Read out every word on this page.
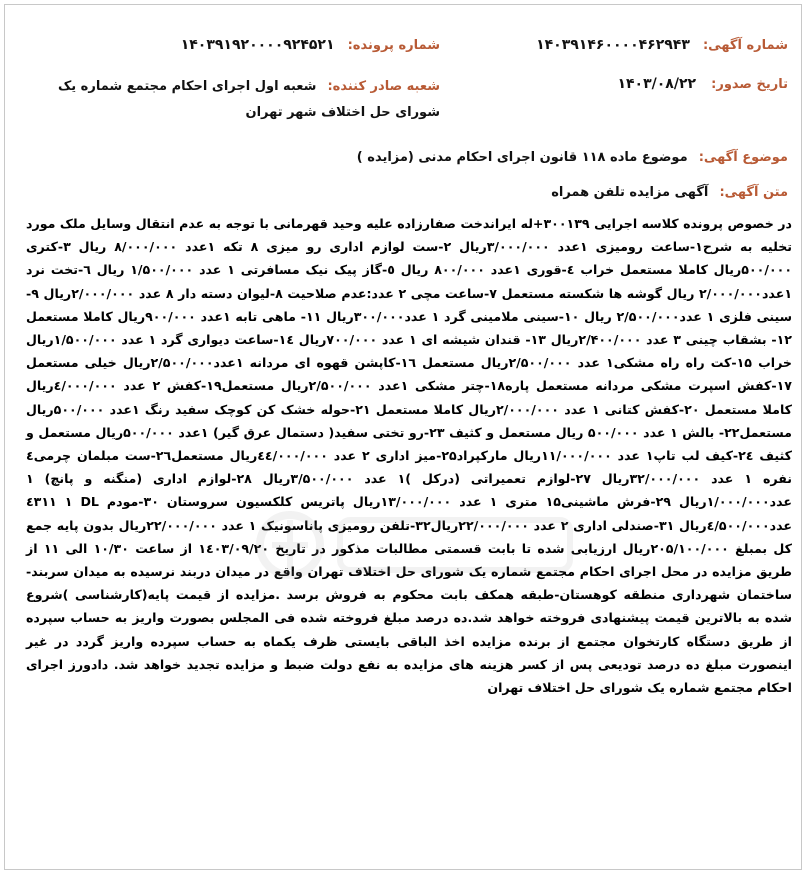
شماره آگهی: ۱۴۰۳۹۱۴۶۰۰۰۰۴۶۲۹۴۳
شماره پرونده: ۱۴۰۳۹۱۹۲۰۰۰۰۹۲۴۵۲۱
تاریخ صدور: ۱۴۰۳/۰۸/۲۲
شعبه صادر کننده: شعبه اول اجرای احکام مجتمع شماره یک شورای حل اختلاف شهر تهران
موضوع آگهی: موضوع ماده ۱۱۸ قانون اجرای احکام مدنی (مزایده )
متن آگهی: آگهی مزایده تلفن همراه
در خصوص پرونده کلاسه اجرایی ۳۰۰۱۳۹+له ایراندخت صفارزاده علیه وحید قهرمانی با توجه به عدم انتقال وسایل ملک مورد تخلیه به شرح۱-ساعت رومیزی ۱عدد ۳/۰۰۰/۰۰۰ریال ۲-ست لوازم اداری رو میزی ۸ تکه ۱عدد ۸/۰۰۰/۰۰۰ ریال ۳-کتری ۵۰۰/۰۰۰ریال کاملا مستعمل خراب ٤-قوری ۱عدد ۸۰۰/۰۰۰ ریال ٥-گاز پیک نیک مسافرتی ۱ عدد ۱/۵۰۰/۰۰۰ ریال ٦-تخت نرد ۱عدد۲/۰۰۰/۰۰۰ ریال گوشه ها شکسته مستعمل ۷-ساعت مچی ۲ عدد:عدم صلاحیت ۸-لیوان دسته دار ۸ عدد ۲/۰۰۰/۰۰۰ریال ۹-سینی فلزی ۱ عدد۲/۵۰۰/۰۰۰ ریال ۱۰-سینی ملامینی گرد ۱ عدد۳۰۰/۰۰۰ریال ۱۱- ماهی تابه ۱عدد ۹۰۰/۰۰۰ریال کاملا مستعمل ۱۲- بشقاب چینی ۳ عدد ۲/۴۰۰/۰۰۰ریال ۱۳- قندان شیشه ای ۱ عدد ۷۰۰/۰۰۰ریال ۱٤-ساعت دیواری گرد ۱ عدد ۱/۵۰۰/۰۰۰ریال خراب ۱۵-کت راه راه مشکی۱ عدد ۲/۵۰۰/۰۰۰ریال مستعمل ۱٦-کاپشن قهوه ای مردانه ۱عدد۲/۵۰۰/۰۰۰ریال خیلی مستعمل ۱۷-کفش اسپرت مشکی مردانه مستعمل پاره۱۸-چتر مشکی ۱عدد ۲/۵۰۰/۰۰۰ریال مستعمل۱۹-کفش ۲ عدد ٤/۰۰۰/۰۰۰ریال کاملا مستعمل ۲۰-کفش کتانی ۱ عدد ۲/۰۰۰/۰۰۰ریال کاملا مستعمل ۲۱-حوله خشک کن کوچک سفید رنگ ۱عدد ۵۰۰/۰۰۰ریال مستعمل۲۲- بالش ۱ عدد ۵۰۰/۰۰۰ ریال مستعمل و کثیف ۲۳-رو تختی سفید( دستمال عرق گیر) ۱عدد ۵۰۰/۰۰۰ریال مستعمل و کثیف ۲٤-کیف لب تاپ۱ عدد ۱۱/۰۰۰/۰۰۰ریال مارکپراد۲۵-میز اداری ۲ عدد ٤٤/۰۰۰/۰۰۰ریال مستعمل۲٦-ست مبلمان چرمی٤ نفره ۱ عدد ۳۲/۰۰۰/۰۰۰ریال ۲۷-لوازم تعمیراتی (درکل )۱ عدد ۳/۵۰۰/۰۰۰ریال ۲۸-لوازم اداری (منگنه و پانچ) ۱ عدد۱/۰۰۰/۰۰۰ریال ۲۹-فرش ماشینی۱۵ متری ۱ عدد ۱۳/۰۰۰/۰۰۰ریال پاتریس کلکسیون سروستان ۳۰-مودم DL ٤۳۱۱ ۱ عدد٤/۵۰۰/۰۰۰ریال ۳۱-صندلی اداری ۲ عدد ۲۲/۰۰۰/۰۰۰ریال۳۲-تلفن رومیزی پاناسونیک ۱ عدد ۲۲/۰۰۰/۰۰۰ریال بدون پایه جمع کل بمبلغ ۲۰۵/۱۰۰/۰۰۰ریال ارزیابی شده تا بابت قسمتی مطالبات مذکور در تاریخ ۱٤۰۳/۰۹/۲۰ از ساعت ۱۰/۳۰ الی ۱۱ از طریق مزایده در محل اجرای احکام مجتمع شماره یک شورای حل اختلاف تهران واقع در میدان دربند نرسیده به میدان سربند-ساختمان شهرداری منطقه کوهستان-طبقه همکف بابت محکوم به فروش برسد .مزایده از قیمت پایه(کارشناسی )شروع شده به بالاترین قیمت پیشنهادی فروخته خواهد شد.ده درصد مبلغ فروخته شده فی المجلس بصورت واریز به حساب سپرده از طریق دستگاه کارتخوان مجتمع از برنده مزایده اخذ الباقی بایستی ظرف یکماه به حساب سپرده واریز گردد در غیر اینصورت مبلغ ده درصد تودیعی پس از کسر هزینه های مزایده به نفع دولت ضبط و مزایده تجدید خواهد شد. دادورز اجرای احکام مجتمع شماره یک شورای حل اختلاف تهران
